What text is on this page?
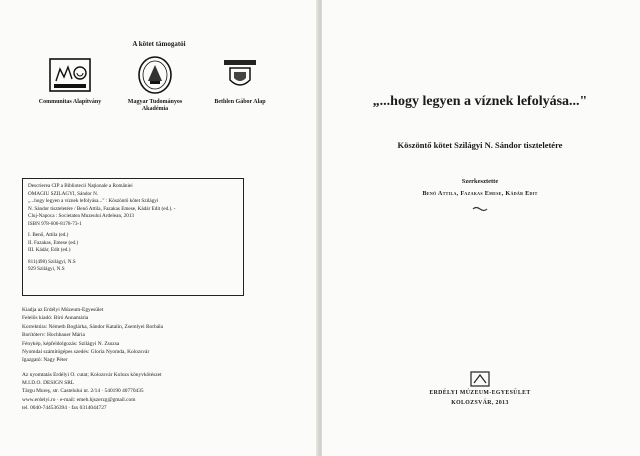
A kötet támogatói
Communitas Alapítvány	Magyar Tudományos Akadémia
Bethlen Gábor Alap
Descrierea CIP a Bibliotecii Naţionale a României
OMAGIU SZILÁGYI, Sándor N.
„...hogy legyen a víznek lefolyása..." : Köszöntő kötet Szilágyi
N. Sándor tiszteletére / Benő Attila, Fazakas Emese, Kádár Edit (ed.). -
Cluj-Napoca : Societatea Muzeului Ardelean, 2013
ISBN 978-606-8178-73-1
I. Benő, Attila (ed.)
II. Fazakas, Emese (ed.)
III. Kádár, Edit (ed.)
811(498) Szilágyi, N.S
929 Szilágyi, N.S
Kiadja az Erdélyi Múzeum-Egyesület
Felelős kiadó: Bíró Annamária
Korrektúra: Németh Boglárka, Sándor Katalin, Zsemlyei Borbála
Borítóterv: Hochbauer Mária
Fénykép, képfeldolgozás: Szilágyi N. Zsuzsa
Nyomdai számítógépes szedés: Gloria Nyomda, Kolozsvár
Igazgató: Nagy Péter
Az nyomtatás Erdélyi O. cutat; Kolozsvár Kolozs könyvkötészet
M.I.D.O. DESIGN SRL
Tárgu Mureş, str. Castelului nr. 2/14 · 540190 40770435
www.erdelyi.ro · e-mail: emeb.hjszerzg@gmail.com
tel. 0040-744536394 · fax 0314044727
„...hogy legyen a víznek lefolyása..."
Köszöntő kötet Szilágyi N. Sándor tiszteletére
Szerkesztette
Benő Attila, Fazakas Emese, Kádár Edit
ERDÉLYI MÚZEUM-EGYESÜLET
KOLOZSVÁR, 2013
